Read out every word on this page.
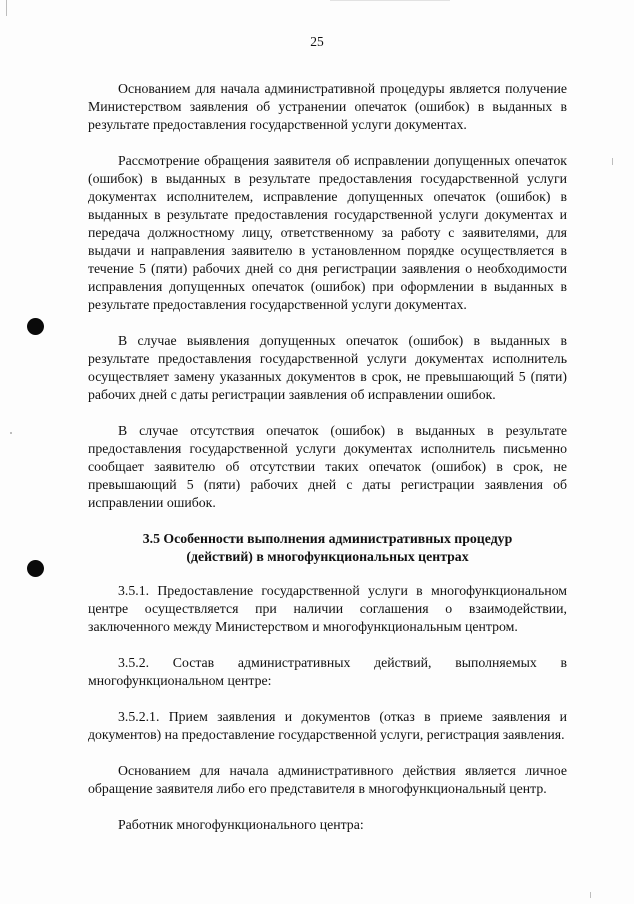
25

Основанием для начала административной процедуры является получение Министерством заявления об устранении опечаток (ошибок) в выданных в результате предоставления государственной услуги документах.

Рассмотрение обращения заявителя об исправлении допущенных опечаток (ошибок) в выданных в результате предоставления государственной услуги документах исполнителем, исправление допущенных опечаток (ошибок) в выданных в результате предоставления государственной услуги документах и передача должностному лицу, ответственному за работу с заявителями, для выдачи и направления заявителю в установленном порядке осуществляется в течение 5 (пяти) рабочих дней со дня регистрации заявления о необходимости исправления допущенных опечаток (ошибок) при оформлении в выданных в результате предоставления государственной услуги документах.

В случае выявления допущенных опечаток (ошибок) в выданных в результате предоставления государственной услуги документах исполнитель осуществляет замену указанных документов в срок, не превышающий 5 (пяти) рабочих дней с даты регистрации заявления об исправлении ошибок.

В случае отсутствия опечаток (ошибок) в выданных в результате предоставления государственной услуги документах исполнитель письменно сообщает заявителю об отсутствии таких опечаток (ошибок) в срок, не превышающий 5 (пяти) рабочих дней с даты регистрации заявления об исправлении ошибок.

3.5 Особенности выполнения административных процедур (действий) в многофункциональных центрах

3.5.1. Предоставление государственной услуги в многофункциональном центре осуществляется при наличии соглашения о взаимодействии, заключенного между Министерством и многофункциональным центром.

3.5.2. Состав административных действий, выполняемых в многофункциональном центре:

3.5.2.1. Прием заявления и документов (отказ в приеме заявления и документов) на предоставление государственной услуги, регистрация заявления.

Основанием для начала административного действия является личное обращение заявителя либо его представителя в многофункциональный центр.

Работник многофункционального центра:
